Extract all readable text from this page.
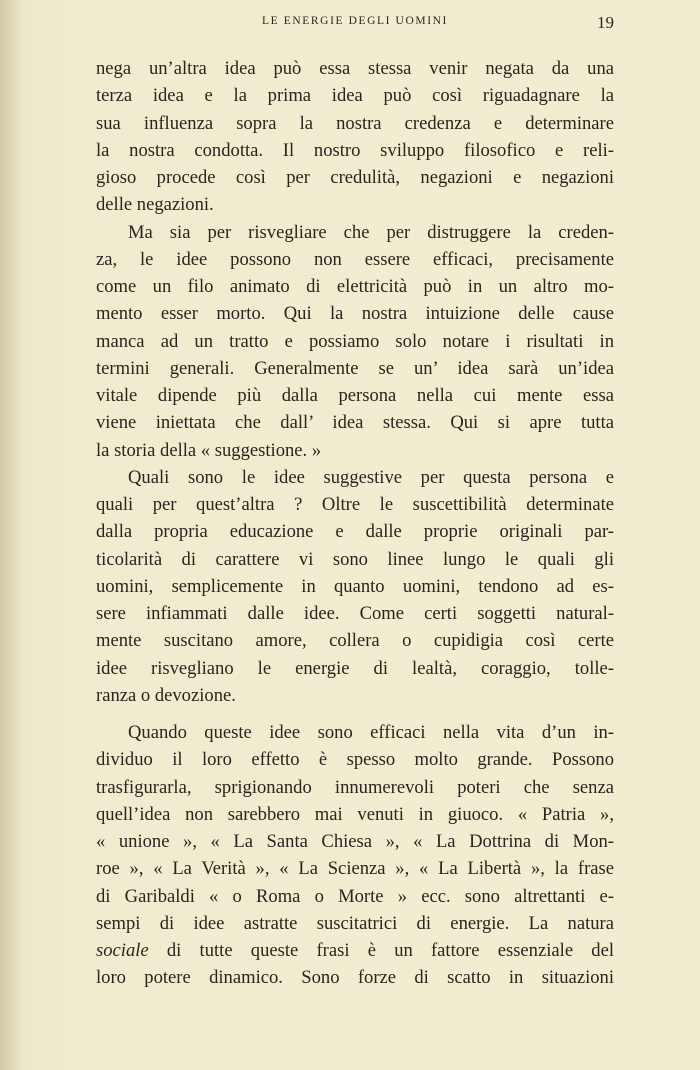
LE ENERGIE DEGLI UOMINI	19
nega un’altra idea può essa stessa venir negata da una
terza idea e la prima idea può così riguadagnare la
sua influenza sopra la nostra credenza e determinare
la nostra condotta. Il nostro sviluppo filosofico e reli-
gioso procede così per credulità, negazioni e negazioni
delle negazioni.
Ma sia per risvegliare che per distruggere la creden-
za, le idee possono non essere efficaci, precisamente
come un filo animato di elettricità può in un altro mo-
mento esser morto. Qui la nostra intuizione delle cause
manca ad un tratto e possiamo solo notare i risultati in
termini generali. Generalmente se un’ idea sarà un’idea
vitale dipende più dalla persona nella cui mente essa
viene iniettata che dall’ idea stessa. Qui si apre tutta
la storia della « suggestione. »
Quali sono le idee suggestive per questa persona e
quali per quest’altra ? Oltre le suscettibilità determinate
dalla propria educazione e dalle proprie originali par-
ticolarità di carattere vi sono linee lungo le quali gli
uomini, semplicemente in quanto uomini, tendono ad es-
sere infiammati dalle idee. Come certi soggetti natural-
mente suscitano amore, collera o cupidigia così certe
idee risvegliano le energie di lealtà, coraggio, tolle-
ranza o devozione.
Quando queste idee sono efficaci nella vita d’un in-
dividuo il loro effetto è spesso molto grande. Possono
trasfigurarla, sprigionando innumerevoli poteri che senza
quell’idea non sarebbero mai venuti in giuoco. « Patria »,
« unione », « La Santa Chiesa », « La Dottrina di Mon-
roe », « La Verità », « La Scienza », « La Libertà », la frase
di Garibaldi « o Roma o Morte » ecc. sono altrettanti e-
sempi di idee astratte suscitatrici di energie. La natura
sociale di tutte queste frasi è un fattore essenziale del
loro potere dinamico. Sono forze di scatto in situazioni
